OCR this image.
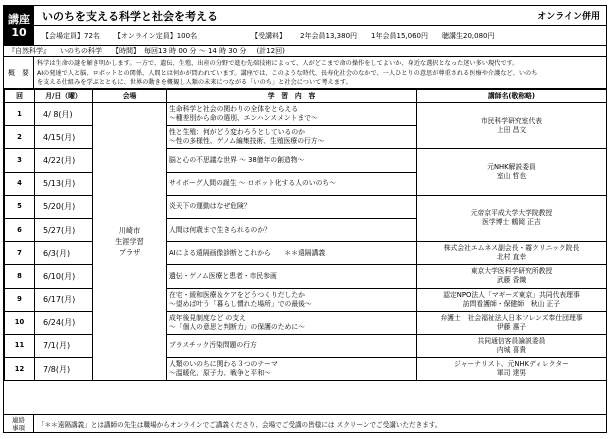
講座
10
いのちを支える科学と社会を考える	オンライン併用
【会場定員】72名 【オンライン定員】100名	【受講料】 2年会員13,380円 1年会員15,060円 聴講生20,080円
『自然科学』 いのちの科学 【時間】 毎回13 時 00 分 ～ 14 時 30 分 (計12回)
概　要
科学は生命の謎を解き明かします。一方で、遺伝、生殖、出産の分野で進む先端技術によって、人がどこまで命の操作をしてよいか、身近な選択となった迷い多い現代です。
AIの発達で人と脳、ロボットとの関係、人間とは何かが問われています。講座では、このような時代、長寿化社会のなかで、一人ひとりの意思が尊重される医療や介護など、いのち
を支える仕組みを学ぶとともに、世界の動きを概観し人類の未来につながる「いのち」と社会について考えます。
回	月/日（曜）	会場	学　習　内　容	講師名(敬称略)
1	4/ 8(月)	川崎市
生涯学習
プラザ	生命科学と社会の関わりの全体をとらえる
～種差別から命の選別、エンハンスメントまで～	市民科学研究室代表
上田 昌文

2	4/15(月)		性と生殖：何がどう変わろうとしているのか
～性の多様性、ゲノム編集技術、生殖医療の行方～	

3	4/22(月)		脳と心の不思議な世界 ～ 38億年の創造物～	元NHK解説委員
室山 哲也

4	5/13(月)		サイボーグ人間の誕生 ～ ロボット化する人のいのち～	

5	5/20(月)		炎天下の運動はなぜ危険？	元帝京平成大学大学院教授
医学博士 鶴岡 正吉

6	5/27(月)		人間は何歳まで生きられるのか？	

7	6/3(月)		AIによる遠隔画像診断とこれから　　＊＊遠隔講義	株式会社エムネス副会長・霧クリニック院長
北村 直幸

8	6/10(月)		遺伝・ゲノム医療と患者・市民参画	東京大学医科学研究所教授
武藤 香織

9	6/17(月)		在宅・緩和医療＆ケアをどうつくりだしたか
～望めば叶う「暮らし慣れた場所」での最後～	認定NPO法人「マギーズ東京」共同代表理事
訪問看護師・保健師　秋山 正子

10	6/24(月)		成年後見制度など の支え
～「個人の意思と判断力」の保護のために～	弁護士　社会福祉法人日本フレンズ奉仕団理事
伊藤 惠子

11	7/1(月)		プラスチック汚染問題の行方	共同通信客員論説委員
内城 喜貴

12	7/8(月)		人類のいのちに関わる３つのテーマ
～温暖化、原子力、戦争と平和～	ジャーナリスト、元NHKディレクター
軍司 達男
連絡
事項	「＊＊遠隔講義」とは講師の先生は職場からオンラインでご講義くださり、会場でご受講の皆様には スクリーンでご受講いただきます。
